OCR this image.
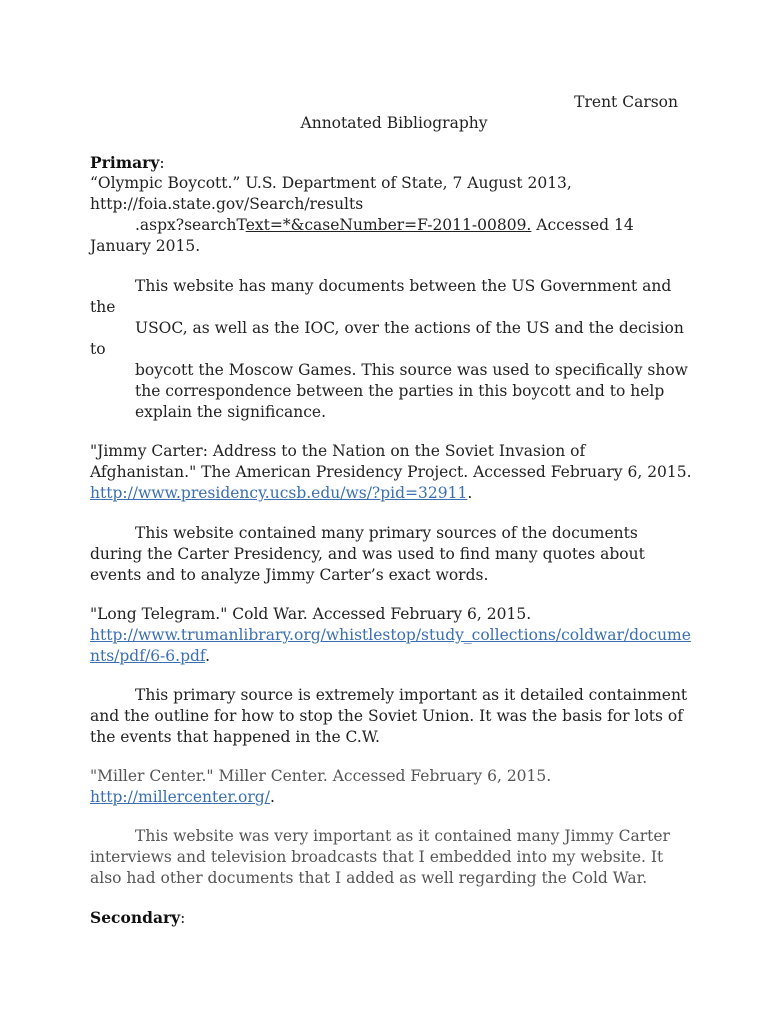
Trent Carson
Annotated Bibliography
Primary:
“Olympic Boycott.” U.S. Department of State, 7 August 2013,
http://foia.state.gov/Search/results
.aspx?searchText=*&caseNumber=F-2011-00809. Accessed 14
January 2015.
This website has many documents between the US Government and
the
USOC, as well as the IOC, over the actions of the US and the decision
to
boycott the Moscow Games. This source was used to specifically show
the correspondence between the parties in this boycott and to help
explain the significance.
"Jimmy Carter: Address to the Nation on the Soviet Invasion of
Afghanistan." The American Presidency Project. Accessed February 6, 2015.
http://www.presidency.ucsb.edu/ws/?pid=32911.
This website contained many primary sources of the documents
during the Carter Presidency, and was used to find many quotes about
events and to analyze Jimmy Carter’s exact words.
"Long Telegram." Cold War. Accessed February 6, 2015.
http://www.trumanlibrary.org/whistlestop/study_collections/coldwar/docume
nts/pdf/6-6.pdf.
This primary source is extremely important as it detailed containment
and the outline for how to stop the Soviet Union. It was the basis for lots of
the events that happened in the C.W.
"Miller Center." Miller Center. Accessed February 6, 2015.
http://millercenter.org/.
This website was very important as it contained many Jimmy Carter
interviews and television broadcasts that I embedded into my website. It
also had other documents that I added as well regarding the Cold War.
Secondary:
